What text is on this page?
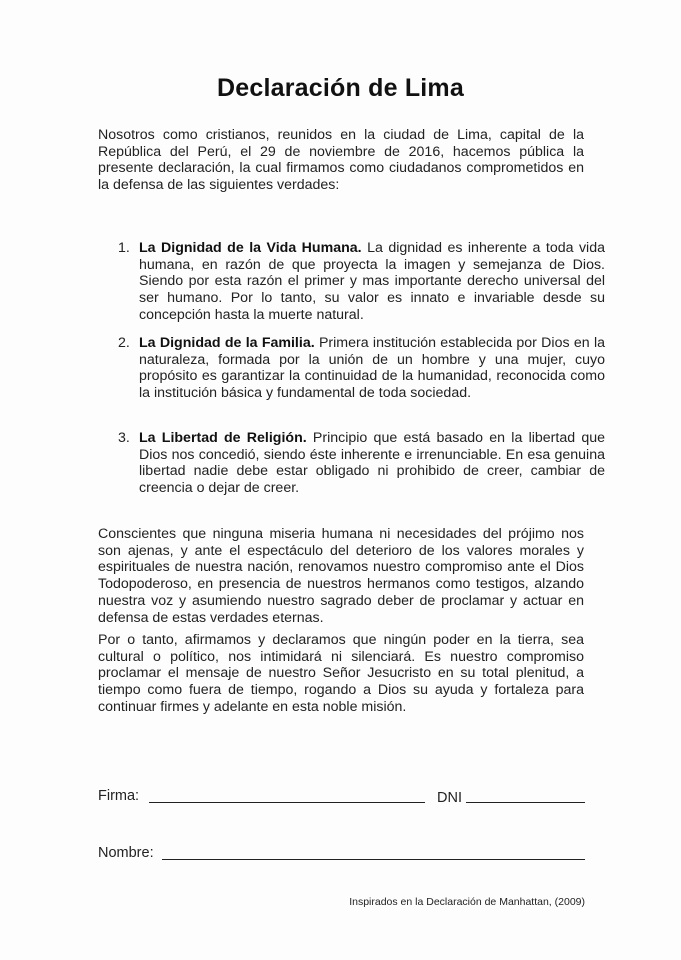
Declaración de Lima
Nosotros como cristianos, reunidos en la ciudad de Lima, capital de la República del Perú, el 29 de noviembre de 2016, hacemos pública la presente declaración, la cual firmamos como ciudadanos comprometidos en la defensa de las siguientes verdades:
1. La Dignidad de la Vida Humana. La dignidad es inherente a toda vida humana, en razón de que proyecta la imagen y semejanza de Dios. Siendo por esta razón el primer y mas importante derecho universal del ser humano. Por lo tanto, su valor es innato e invariable desde su concepción hasta la muerte natural.
2. La Dignidad de la Familia. Primera institución establecida por Dios en la naturaleza, formada por la unión de un hombre y una mujer, cuyo propósito es garantizar la continuidad de la humanidad, reconocida como la institución básica y fundamental de toda sociedad.
3. La Libertad de Religión. Principio que está basado en la libertad que Dios nos concedió, siendo éste inherente e irrenunciable. En esa genuina libertad nadie debe estar obligado ni prohibido de creer, cambiar de creencia o dejar de creer.
Conscientes que ninguna miseria humana ni necesidades del prójimo nos son ajenas, y ante el espectáculo del deterioro de los valores morales y espirituales de nuestra nación, renovamos nuestro compromiso ante el Dios Todopoderoso, en presencia de nuestros hermanos como testigos, alzando nuestra voz y asumiendo nuestro sagrado deber de proclamar y actuar en defensa de estas verdades eternas.
Por o tanto, afirmamos y declaramos que ningún poder en la tierra, sea cultural o político, nos intimidará ni silenciará. Es nuestro compromiso proclamar el mensaje de nuestro Señor Jesucristo en su total plenitud, a tiempo como fuera de tiempo, rogando a Dios su ayuda y fortaleza para continuar firmes y adelante en esta noble misión.
Firma:	DNI
Nombre:
Inspirados en la Declaración de Manhattan, (2009)
